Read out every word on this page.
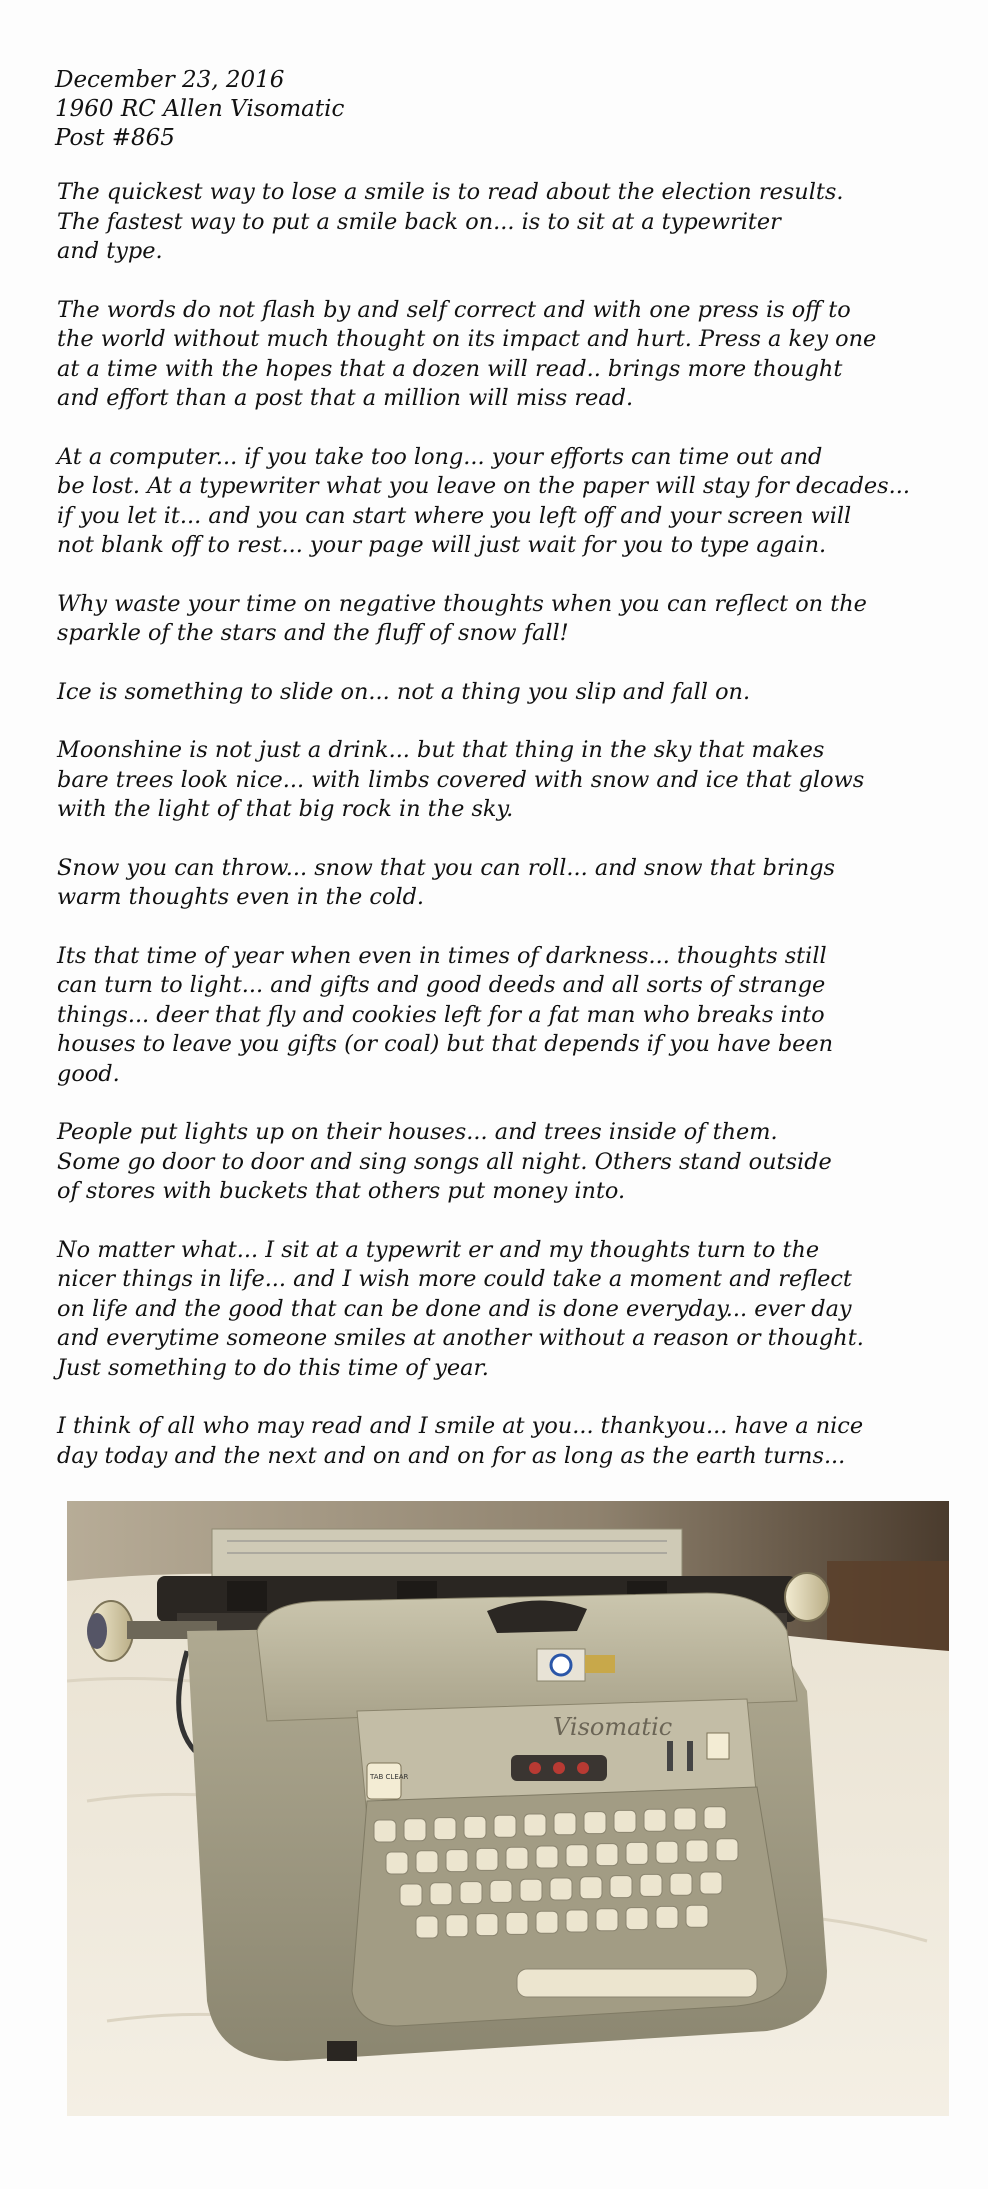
December 23, 2016
1960 RC Allen Visomatic
Post #865
The quickest way to lose a smile is to read about the election results.
The fastest way to put a smile back on... is to sit at a typewriter
and type.
The words do not flash by and self correct and with one press is off to
the world without much thought on its impact and hurt. Press a key one
at a time with the hopes that a dozen will read.. brings more thought
and effort than a post that a million will miss read.
At a computer... if you take too long... your efforts can time out and
be lost. At a typewriter what you leave on the paper will stay for decades...
if you let it... and you can start where you left off and your screen will
not blank off to rest... your page will just wait for you to type again.
Why waste your time on negative thoughts when you can reflect on the
sparkle of the stars and the fluff of snow fall!
Ice is something to slide on... not a thing you slip and fall on.
Moonshine is not just a drink... but that thing in the sky that makes
bare trees look nice... with limbs covered with snow and ice that glows
with the light of that big rock in the sky.
Snow you can throw... snow that you can roll... and snow that brings
warm thoughts even in the cold.
Its that time of year when even in times of darkness... thoughts still
can turn to light... and gifts and good deeds and all sorts of strange
things... deer that fly and cookies left for a fat man who breaks into
houses to leave you gifts (or coal) but that depends if you have been
good.
People put lights up on their houses... and trees inside of them.
Some go door to door and sing songs all night. Others stand outside
of stores with buckets that others put money into.
No matter what... I sit at a typewrit er and my thoughts turn to the
nicer things in life... and I wish more could take a moment and reflect
on life and the good that can be done and is done everyday... ever day
and everytime someone smiles at another without a reason or thought.
Just something to do this time of year.
I think of all who may read and I smile at you... thankyou... have a nice
day today and the next and on and on for as long as the earth turns...
Visomatic
TAB CLEAR
